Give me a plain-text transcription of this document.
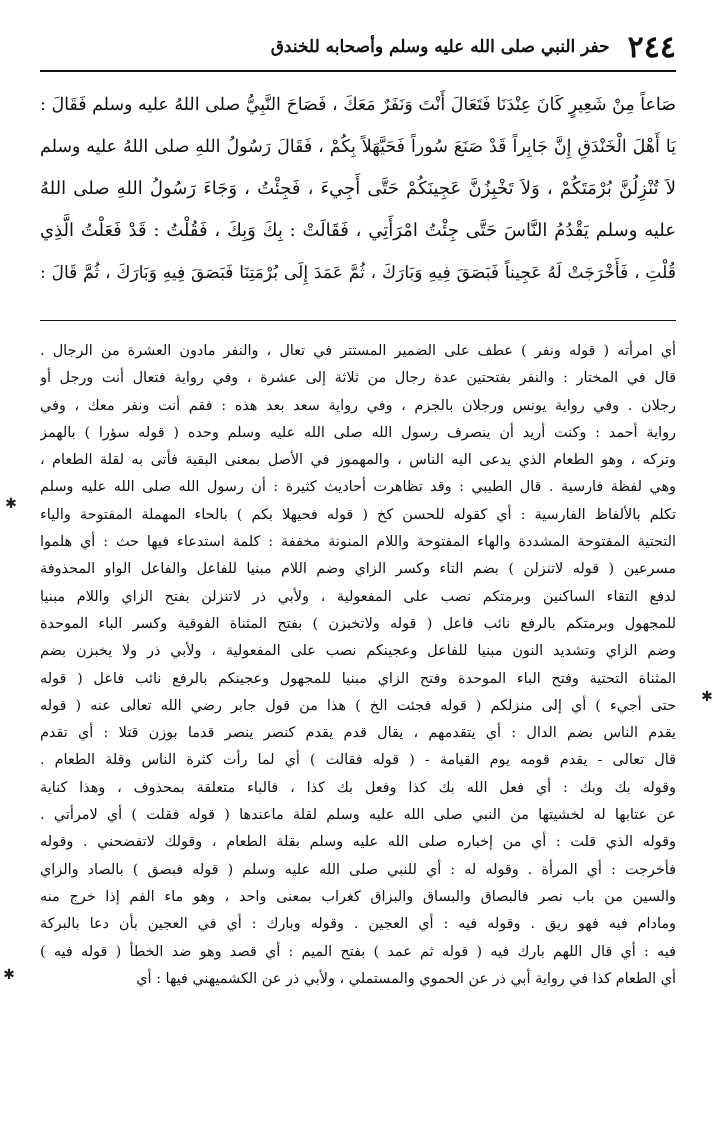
٢٤٤
حفر النبي صلى الله عليه وسلم وأصحابه للخندق

صَاعاً مِنْ شَعِيرٍ كَانَ عِنْدَنَا فَتَعَالَ أَنْتَ وَنَفَرٌ مَعَكَ ، فَصَاحَ النَّبِيُّ صلى اللهُ عليه وسلم فَقَالَ :

يَا أَهْلَ الْخَنْدَقِ إِنَّ جَابِراً قَدْ صَنَعَ سُوراً فَحَيَّهَلاً بِكُمْ ، فَقَالَ رَسُولُ اللهِ صلى اللهُ عليه وسلم

لاَ تُنْزِلُنَّ بُرْمَتَكُمْ ، وَلاَ تَخْبِزُنَّ عَجِينَكُمْ حَتَّى أَجِيءَ ، فَجِئْتُ ، وَجَاءَ رَسُولُ اللهِ صلى اللهُ

عليه وسلم يَقْدُمُ النَّاسَ حَتَّى جِئْتُ امْرَأَتِي ، فَقَالَتْ : بِكَ وَبِكَ ، فَقُلْتُ : قَدْ فَعَلْتُ الَّذِي

قُلْتِ ، فَأَخْرَجَتْ لَهُ عَجِيناً فَبَصَقَ فِيهِ وَبَارَكَ ، ثُمَّ عَمَدَ إِلَى بُرْمَتِنَا فَبَصَقَ فِيهِ وَبَارَكَ ، ثُمَّ قَالَ :

أي امرأته ( قوله ونفر ) عطف على الضمير المستتر في تعال ، والنفر مادون العشرة من الرجال .

قال في المختار : والنفر بفتحتين عدة رجال من ثلاثة إلى عشرة ، وفي رواية فتعال أنت ورجل أو

رجلان . وفي رواية يونس ورجلان بالجزم ، وفي رواية سعد بعد هذه : فقم أنت ونفر معك ، وفي

رواية أحمد : وكنت أريد أن ينصرف رسول الله صلى الله عليه وسلم وحده ( قوله سؤرا ) بالهمز

وتركه ، وهو الطعام الذي يدعى اليه الناس ، والمهموز في الأصل بمعنى البقية فأتى به لقلة الطعام ،

وهي لفظة فارسية . قال الطيبي : وقد تظاهرت أحاديث كثيرة : أن رسول الله صلى الله عليه وسلم

تكلم بالألفاظ الفارسية : أي كقوله للحسن كخ ( قوله فحيهلا بكم ) بالحاء المهملة المفتوحة والياء

التحتية المفتوحة المشددة والهاء المفتوحة واللام المنونة مخففة : كلمة استدعاء فيها حث : أي هلموا

مسرعين ( قوله لاتنزلن ) بضم التاء وكسر الزاي وضم اللام مبنيا للفاعل والفاعل الواو المحذوفة

لدفع التقاء الساكنين وبرمتكم نصب على المفعولية ، ولأبي ذر لاتنزلن بفتح الزاي واللام مبنيا

للمجهول وبرمتكم بالرفع نائب فاعل ( قوله ولاتخبزن ) بفتح المثناة الفوقية وكسر الباء الموحدة

وضم الزاي وتشديد النون مبنيا للفاعل وعجينكم نصب على المفعولية ، ولأبي ذر ولا يخبزن بضم

المثناة التحتية وفتح الباء الموحدة وفتح الزاي مبنيا للمجهول وعجينكم بالرفع نائب فاعل ( قوله

حتى أجيء ) أي إلى منزلكم ( قوله فجئت الخ ) هذا من قول جابر رضي الله تعالى عنه ( قوله

يقدم الناس بضم الدال : أي يتقدمهم ، يقال قدم يقدم كنصر ينصر قدما بوزن قتلا : أي تقدم

قال تعالى - يقدم قومه يوم القيامة - ( قوله فقالت ) أي لما رأت كثرة الناس وقلة الطعام .

وقوله بك وبك : أي فعل الله بك كذا وفعل بك كذا ، فالباء متعلقة بمحذوف ، وهذا كناية

عن عتابها له لخشيتها من النبي صلى الله عليه وسلم لقلة ماعندها ( قوله فقلت ) أي لامرأتي .

وقوله الذي قلت : أي من إخباره صلى الله عليه وسلم بقلة الطعام ، وقولك لاتفضحني . وقوله

فأخرجت : أي المرأة . وقوله له : أي للنبي صلى الله عليه وسلم ( قوله فبصق ) بالصاد والزاي

والسين من باب نصر فالبصاق والبساق والبزاق كغراب بمعنى واحد ، وهو ماء الفم إذا خرج منه

ومادام فيه فهو ريق . وقوله فيه : أي العجين . وقوله وبارك : أي في العجين بأن دعا بالبركة

فيه : أي قال اللهم بارك فيه ( قوله ثم عمد ) بفتح الميم : أي قصد وهو ضد الخطأ ( قوله فيه )

أي الطعام كذا في رواية أبي ذر عن الحموي والمستملي ، ولأبي ذر عن الكشميهني فيها : أي

✱
✱
✱
